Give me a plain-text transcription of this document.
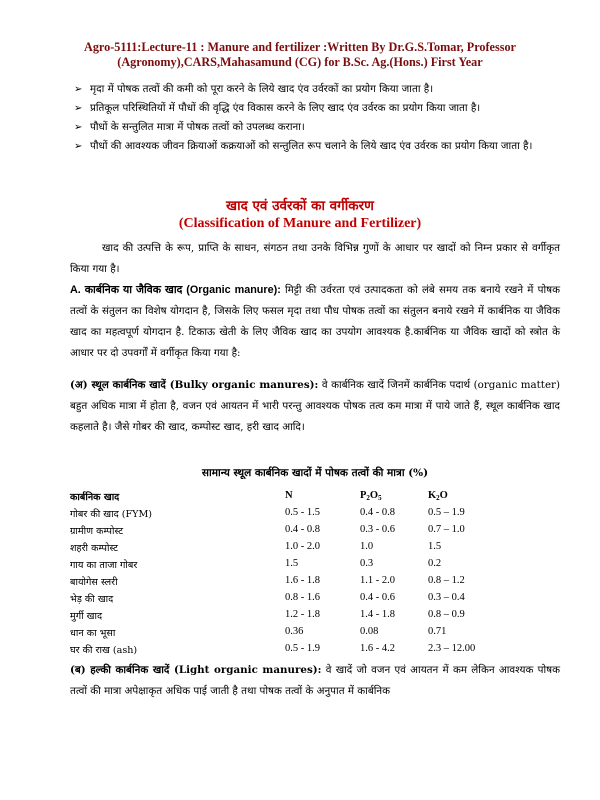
Agro-5111:Lecture-11 : Manure and fertilizer :Written By Dr.G.S.Tomar, Professor
(Agronomy),CARS,Mahasamund (CG) for B.Sc. Ag.(Hons.) First Year
➢ मृदा में पोषक तत्वों की कमी को पूरा करने के लिये खाद एंव उर्वरकों का प्रयोग किया जाता है।
➢ प्रतिकूल परिस्थितियों में पौधों की वृद्धि एंव विकास करने के लिए खाद एंव उर्वरक का प्रयोग किया जाता है।
➢ पौधों के सन्तुलित मात्रा में पोषक तत्वों को उपलब्ध कराना।
➢ पौधों की आवश्यक जीवन क्रियाओं कक्रयाओं को सन्तुलित रूप चलाने के लिये खाद एंव उर्वरक का प्रयोग किया जाता है।
खाद एवं उर्वरकों का वर्गीकरण
(Classification of Manure and Fertilizer)

खाद की उत्पत्ति के रूप, प्राप्ति के साधन, संगठन तथा उनके विभिन्न गुणों के आधार पर खादों को निम्न प्रकार से वर्गीकृत किया गया है।

A. कार्बनिक या जैविक खाद (Organic manure): मिट्टी की उर्वरता एवं उत्पादकता को लंबे समय तक बनाये रखने में पोषक तत्वों के संतुलन का विशेष योगदान है, जिसके लिए फसल मृदा तथा पौध पोषक तत्वों का संतुलन बनाये रखने में कार्बनिक या जैविक खाद का महत्वपूर्ण योगदान है. टिकाऊ खेती के लिए जैविक खाद का उपयोग आवश्यक है.कार्बनिक या जैविक खादों को स्त्रोत के आधार पर दो उपवर्गों में वर्गीकृत किया गया है:

(अ) स्थूल कार्बनिक खादें (Bulky organic manures): वे कार्बनिक खादें जिनमें कार्बनिक पदार्थ (organic matter) बहुत अधिक मात्रा में होता है, वजन एवं आयतन में भारी परन्तु आवश्यक पोषक तत्व कम मात्रा में पाये जाते हैं, स्थूल कार्बनिक खाद कहलाते है। जैसे गोबर की खाद, कम्पोस्ट खाद, हरी खाद आदि।

सामान्य स्थूल कार्बनिक खादों में पोषक तत्वों की मात्रा (%)
कार्बनिक खाद	N	$P_2O_5$	$K_2O$
गोबर की खाद (FYM)	0.5 - 1.5	0.4 - 0.8	0.5 – 1.9
ग्रामीण कम्पोस्ट	0.4 - 0.8	0.3 - 0.6	0.7 – 1.0
शहरी कम्पोस्ट	1.0 - 2.0	1.0	1.5
गाय का ताजा गोबर	1.5	0.3	0.2
बायोगेस स्लरी	1.6 - 1.8	1.1 - 2.0	0.8 – 1.2
भेड़ की खाद	0.8 - 1.6	0.4 - 0.6	0.3 – 0.4
मुर्गी खाद	1.2 - 1.8	1.4 - 1.8	0.8 – 0.9
धान का भूसा	0.36	0.08	0.71
घर की राख (ash)	0.5 - 1.9	1.6 - 4.2	2.3 – 12.00

(ब) हल्की कार्बनिक खादें (Light organic manures): वे खादें जो वजन एवं आयतन में कम लेकिन आवश्यक पोषक तत्वों की मात्रा अपेक्षाकृत अधिक पाई जाती है तथा पोषक तत्वों के अनुपात में कार्बनिक
